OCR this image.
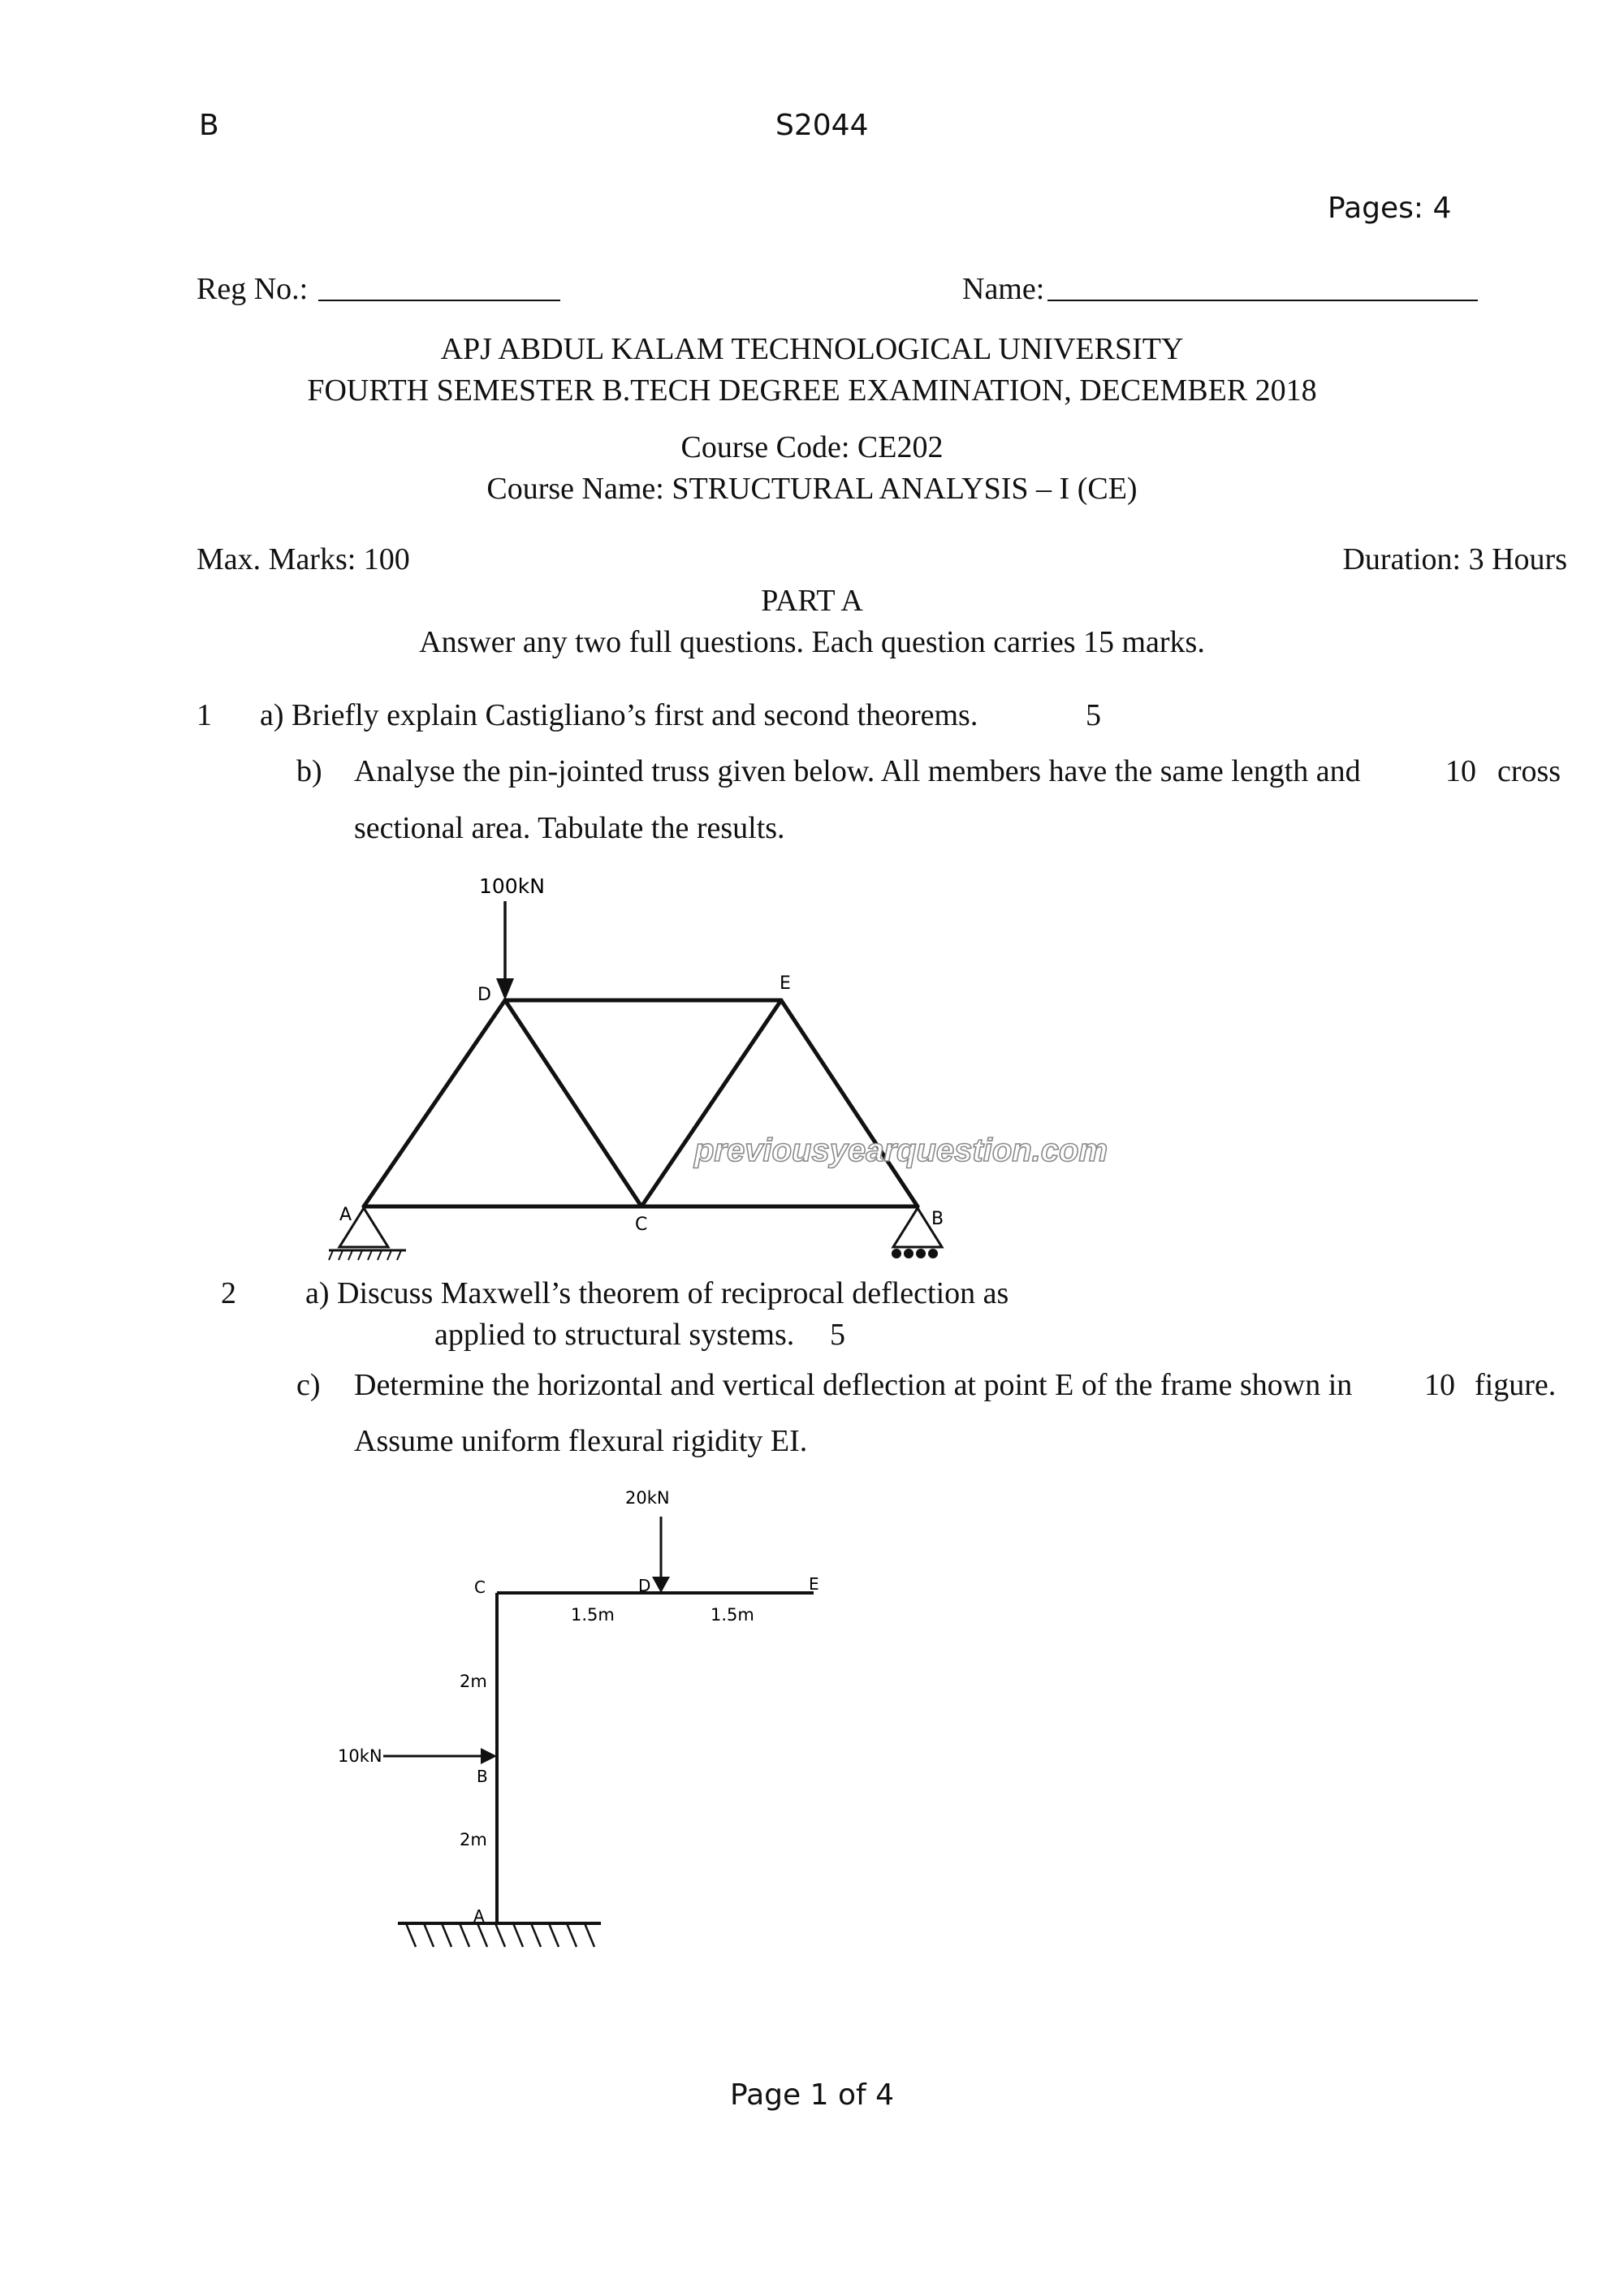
B	S2044
Pages: 4
Reg No.:	Name:
APJ ABDUL KALAM TECHNOLOGICAL UNIVERSITY
FOURTH SEMESTER B.TECH DEGREE EXAMINATION, DECEMBER 2018
Course Code: CE202
Course Name: STRUCTURAL ANALYSIS – I (CE)
Max. Marks: 100	Duration: 3 Hours
PART A
Answer any two full questions. Each question carries 15 marks.
1 a) Briefly explain Castigliano’s first and second theorems.	5
b) Analyse the pin-jointed truss given below. All members have the same length and	10 cross
sectional area. Tabulate the results.
100kN
D
E
A	C	B
previousyearquestion.com
2 a) Discuss Maxwell’s theorem of reciprocal deflection as
applied to structural systems. 5
c) Determine the horizontal and vertical deflection at point E of the frame shown in 10 figure.
Assume uniform flexural rigidity EI.
20kN
10kN
C	D	E
B
A
1.5m	1.5m
2m
2m
Page 1 of 4
